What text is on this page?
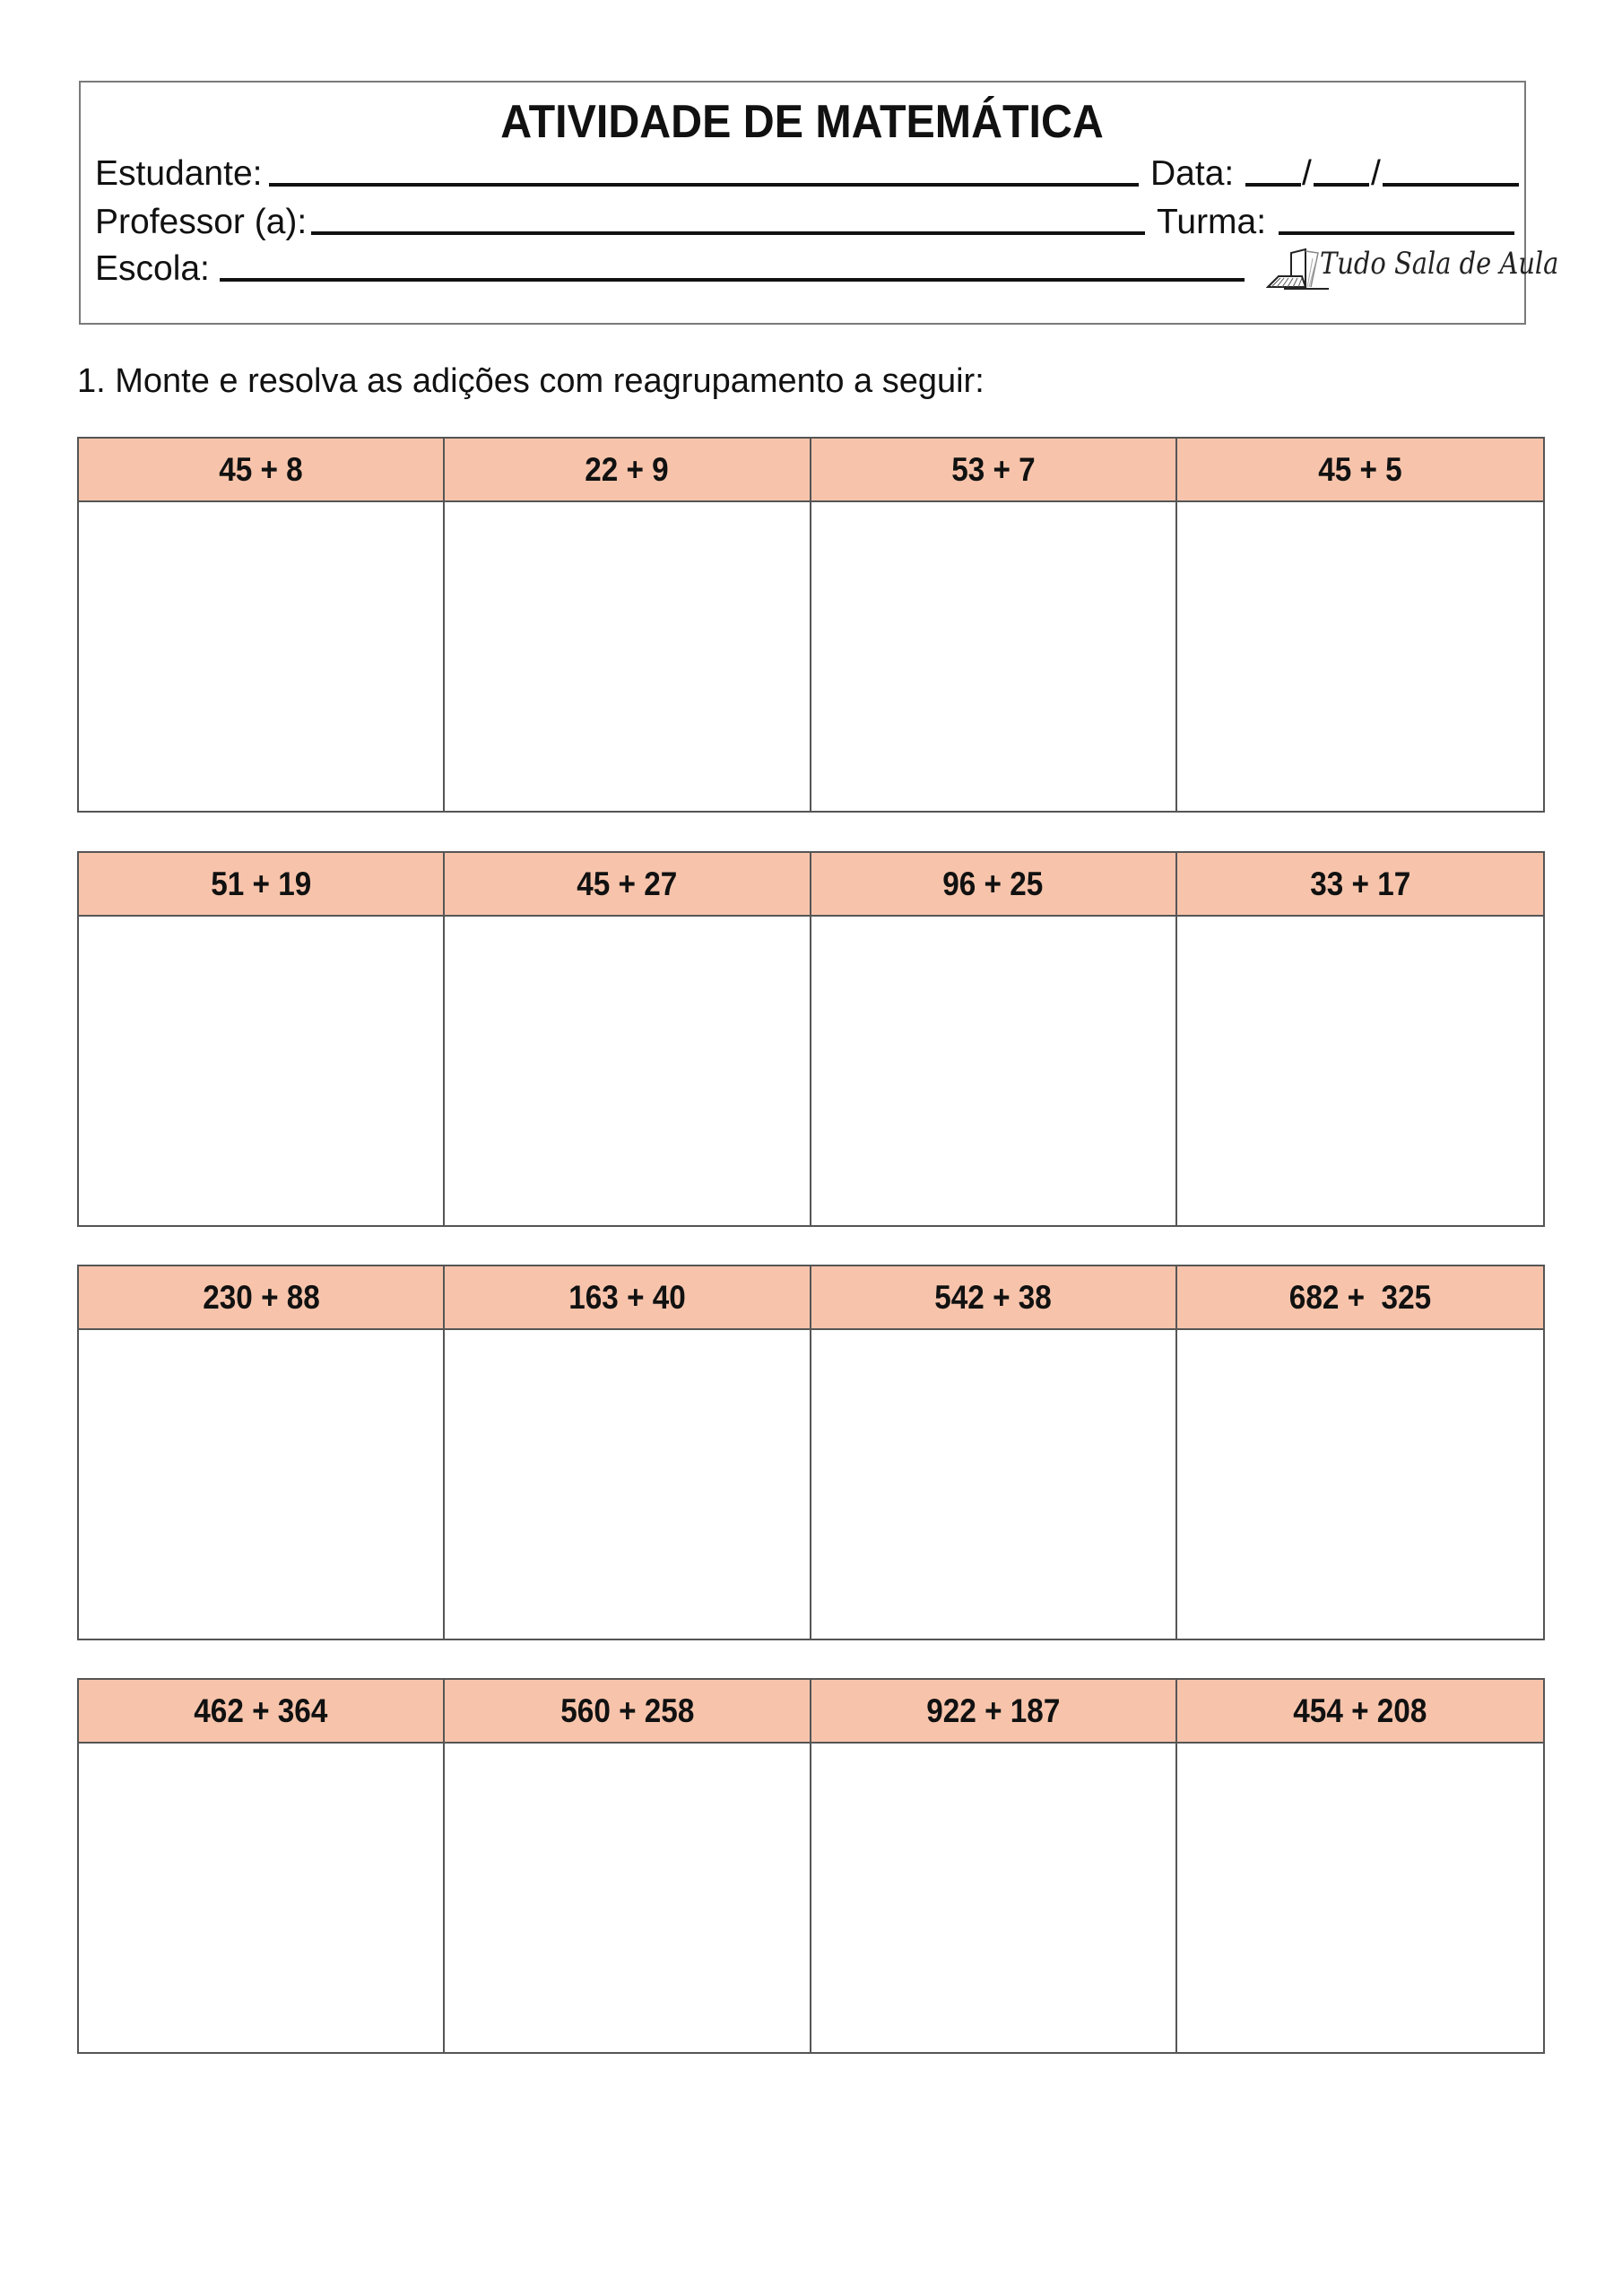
ATIVIDADE DE MATEMÁTICA
Estudante:	Data: / /
Professor (a):	Turma:
Escola:	Tudo Sala de Aula
1. Monte e resolva as adições com reagrupamento a seguir:
45 + 8	22 + 9	53 + 7	45 + 5
51 + 19	45 + 27	96 + 25	33 + 17
230 + 88	163 + 40	542 + 38	682 +  325
462 + 364	560 + 258	922 + 187	454 + 208
